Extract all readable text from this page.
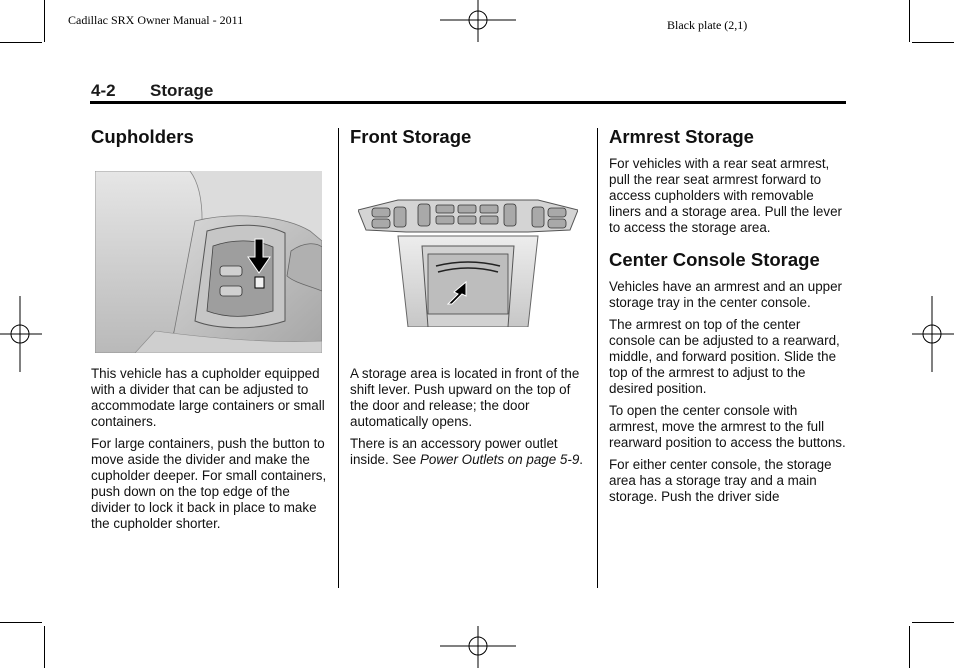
Cadillac SRX Owner Manual - 2011	Black plate (2,1)
4-2 Storage
Cupholders

This vehicle has a cupholder equipped with a divider that can be adjusted to accommodate large containers or small containers.

For large containers, push the button to move aside the divider and make the cupholder deeper. For small containers, push down on the top edge of the divider to lock it back in place to make the cupholder shorter.

Front Storage

A storage area is located in front of the shift lever. Push upward on the top of the door and release; the door automatically opens.

There is an accessory power outlet inside. See Power Outlets on page 5-9.

Armrest Storage

For vehicles with a rear seat armrest, pull the rear seat armrest forward to access cupholders with removable liners and a storage area. Pull the lever to access the storage area.

Center Console Storage

Vehicles have an armrest and an upper storage tray in the center console.

The armrest on top of the center console can be adjusted to a rearward, middle, and forward position. Slide the top of the armrest to adjust to the desired position.

To open the center console with armrest, move the armrest to the full rearward position to access the buttons.

For either center console, the storage area has a storage tray and a main storage. Push the driver side
